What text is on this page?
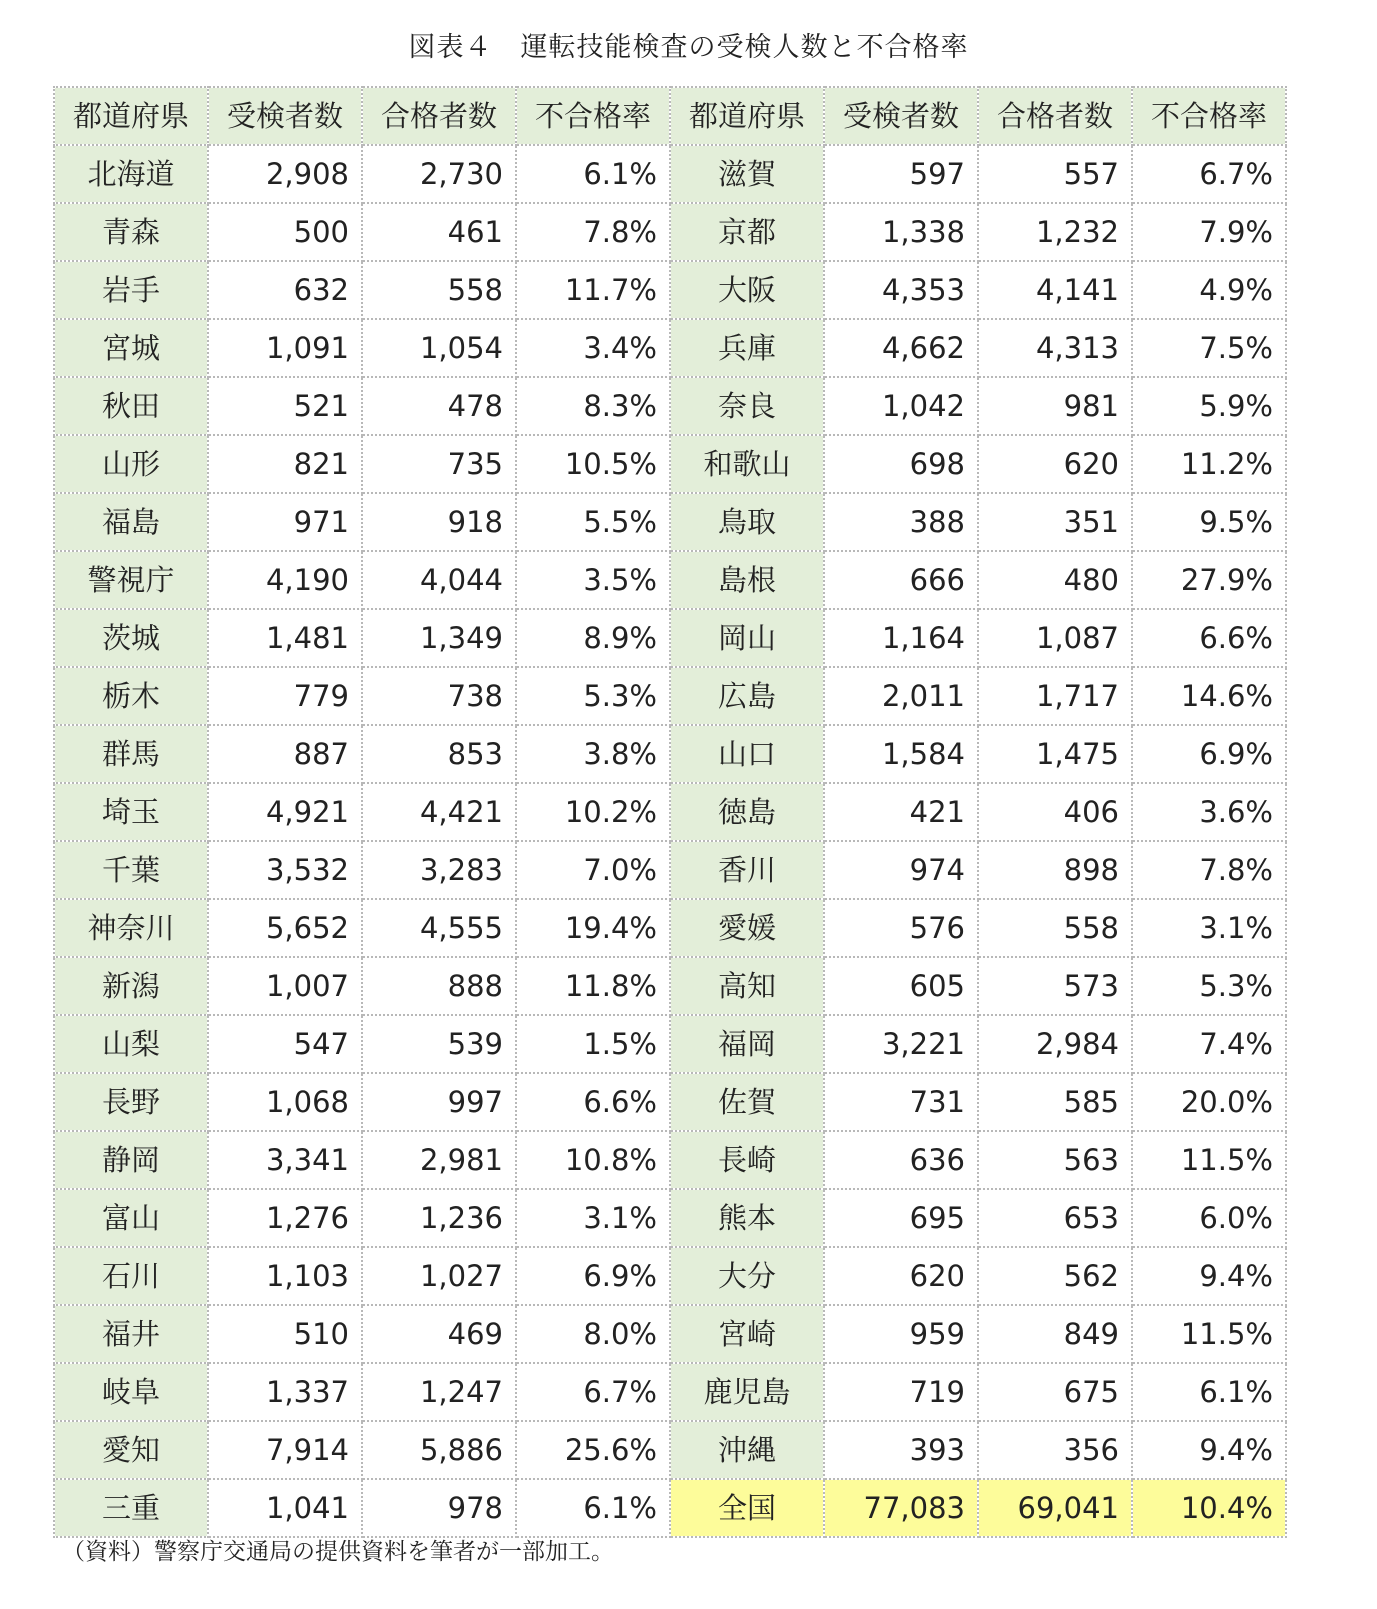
図表４　運転技能検査の受検人数と不合格率
都道府県	受検者数	合格者数	不合格率	都道府県	受検者数	合格者数	不合格率
北海道	2,908	2,730	6.1%	滋賀	597	557	6.7%
青森	500	461	7.8%	京都	1,338	1,232	7.9%
岩手	632	558	11.7%	大阪	4,353	4,141	4.9%
宮城	1,091	1,054	3.4%	兵庫	4,662	4,313	7.5%
秋田	521	478	8.3%	奈良	1,042	981	5.9%
山形	821	735	10.5%	和歌山	698	620	11.2%
福島	971	918	5.5%	鳥取	388	351	9.5%
警視庁	4,190	4,044	3.5%	島根	666	480	27.9%
茨城	1,481	1,349	8.9%	岡山	1,164	1,087	6.6%
栃木	779	738	5.3%	広島	2,011	1,717	14.6%
群馬	887	853	3.8%	山口	1,584	1,475	6.9%
埼玉	4,921	4,421	10.2%	徳島	421	406	3.6%
千葉	3,532	3,283	7.0%	香川	974	898	7.8%
神奈川	5,652	4,555	19.4%	愛媛	576	558	3.1%
新潟	1,007	888	11.8%	高知	605	573	5.3%
山梨	547	539	1.5%	福岡	3,221	2,984	7.4%
長野	1,068	997	6.6%	佐賀	731	585	20.0%
静岡	3,341	2,981	10.8%	長崎	636	563	11.5%
富山	1,276	1,236	3.1%	熊本	695	653	6.0%
石川	1,103	1,027	6.9%	大分	620	562	9.4%
福井	510	469	8.0%	宮崎	959	849	11.5%
岐阜	1,337	1,247	6.7%	鹿児島	719	675	6.1%
愛知	7,914	5,886	25.6%	沖縄	393	356	9.4%
三重	1,041	978	6.1%	全国	77,083	69,041	10.4%
（資料）警察庁交通局の提供資料を筆者が一部加工。
